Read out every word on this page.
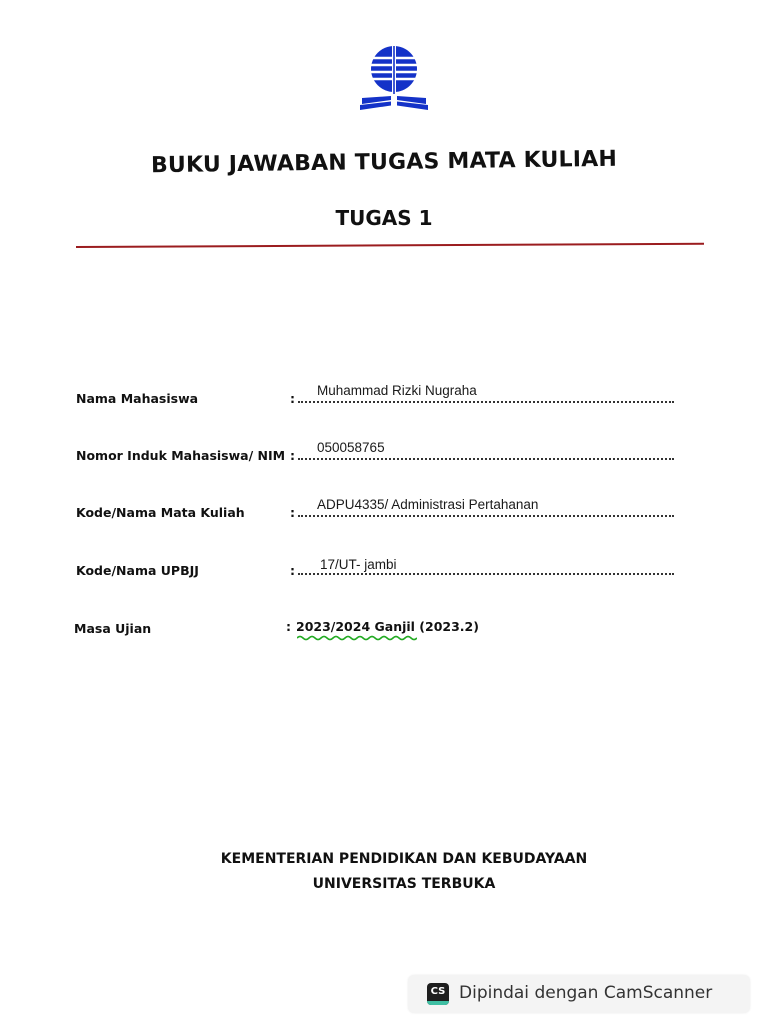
BUKU JAWABAN TUGAS MATA KULIAH
TUGAS 1
Nama Mahasiswa	:
Muhammad Rizki Nugraha
Nomor Induk Mahasiswa/ NIM :
050058765
Kode/Nama Mata Kuliah	:
ADPU4335/ Administrasi Pertahanan
Kode/Nama UPBJJ	: 17/UT- jambi
Masa Ujian	: 2023/2024 Ganjil (2023.2)
KEMENTERIAN PENDIDIKAN DAN KEBUDAYAAN
UNIVERSITAS TERBUKA
CS Dipindai dengan CamScanner
